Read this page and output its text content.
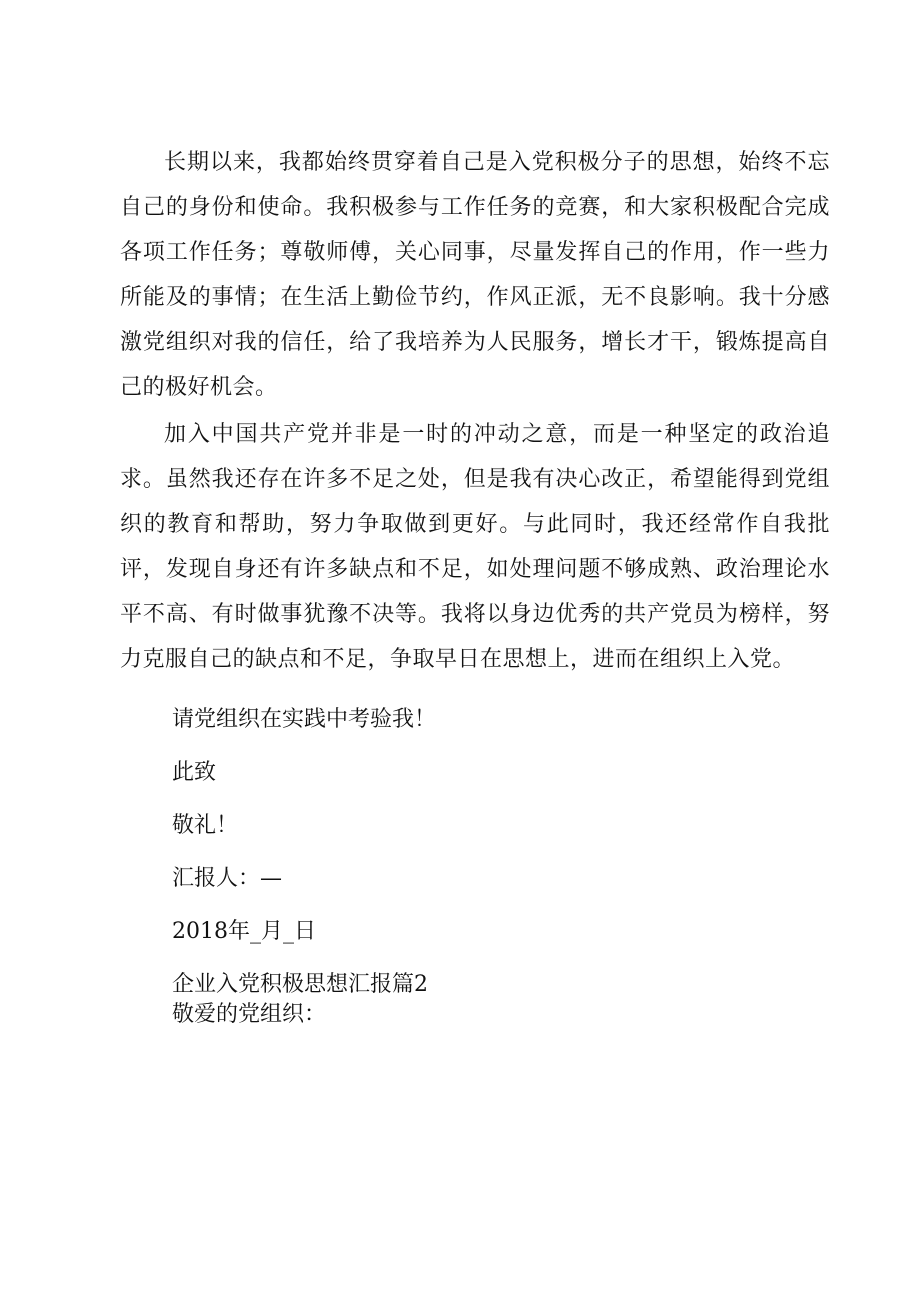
长期以来，我都始终贯穿着自己是入党积极分子的思想，始终不忘自己的身份和使命。我积极参与工作任务的竞赛，和大家积极配合完成各项工作任务；尊敬师傅，关心同事，尽量发挥自己的作用，作一些力所能及的事情；在生活上勤俭节约，作风正派，无不良影响。我十分感激党组织对我的信任，给了我培养为人民服务，增长才干，锻炼提高自己的极好机会。

加入中国共产党并非是一时的冲动之意，而是一种坚定的政治追求。虽然我还存在许多不足之处，但是我有决心改正，希望能得到党组织的教育和帮助，努力争取做到更好。与此同时，我还经常作自我批评，发现自身还有许多缺点和不足，如处理问题不够成熟、政治理论水平不高、有时做事犹豫不决等。我将以身边优秀的共产党员为榜样，努力克服自己的缺点和不足，争取早日在思想上，进而在组织上入党。

请党组织在实践中考验我！

此致

敬礼！

汇报人：—

2018年_月_日

企业入党积极思想汇报篇2

敬爱的党组织：
